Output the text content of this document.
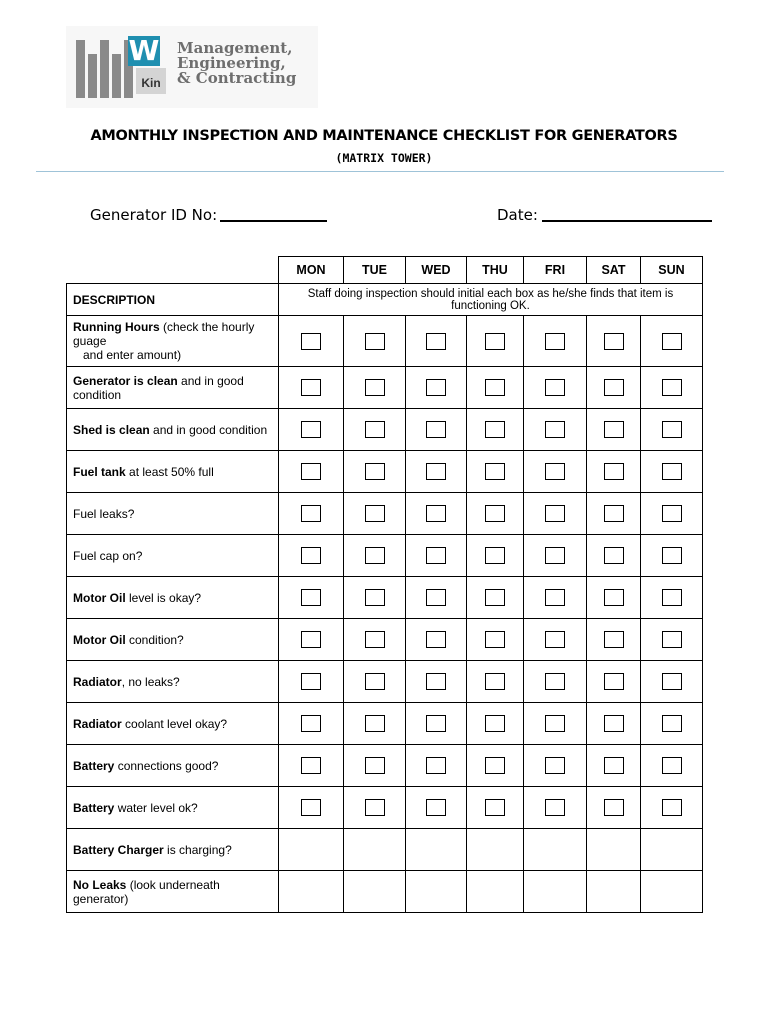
W
Kin
Management,
Engineering,
& Contracting
AMONTHLY INSPECTION AND MAINTENANCE CHECKLIST FOR GENERATORS
(MATRIX TOWER)
Generator ID No:	Date:
	MON	TUE	WED	THU	FRI	SAT	SUN
DESCRIPTION	Staff doing inspection should initial each box as he/she finds that item is functioning OK.						

Running Hours (check the hourly guage
and enter amount)							

Generator is clean and in good condition							

Shed is clean and in good condition							

Fuel tank at least 50% full							

Fuel leaks?							

Fuel cap on?							

Motor Oil level is okay?							

Motor Oil condition?							

Radiator, no leaks?							

Radiator coolant level okay?							

Battery connections good?							

Battery water level ok?							

Battery Charger is charging?							

No Leaks (look underneath generator)							
